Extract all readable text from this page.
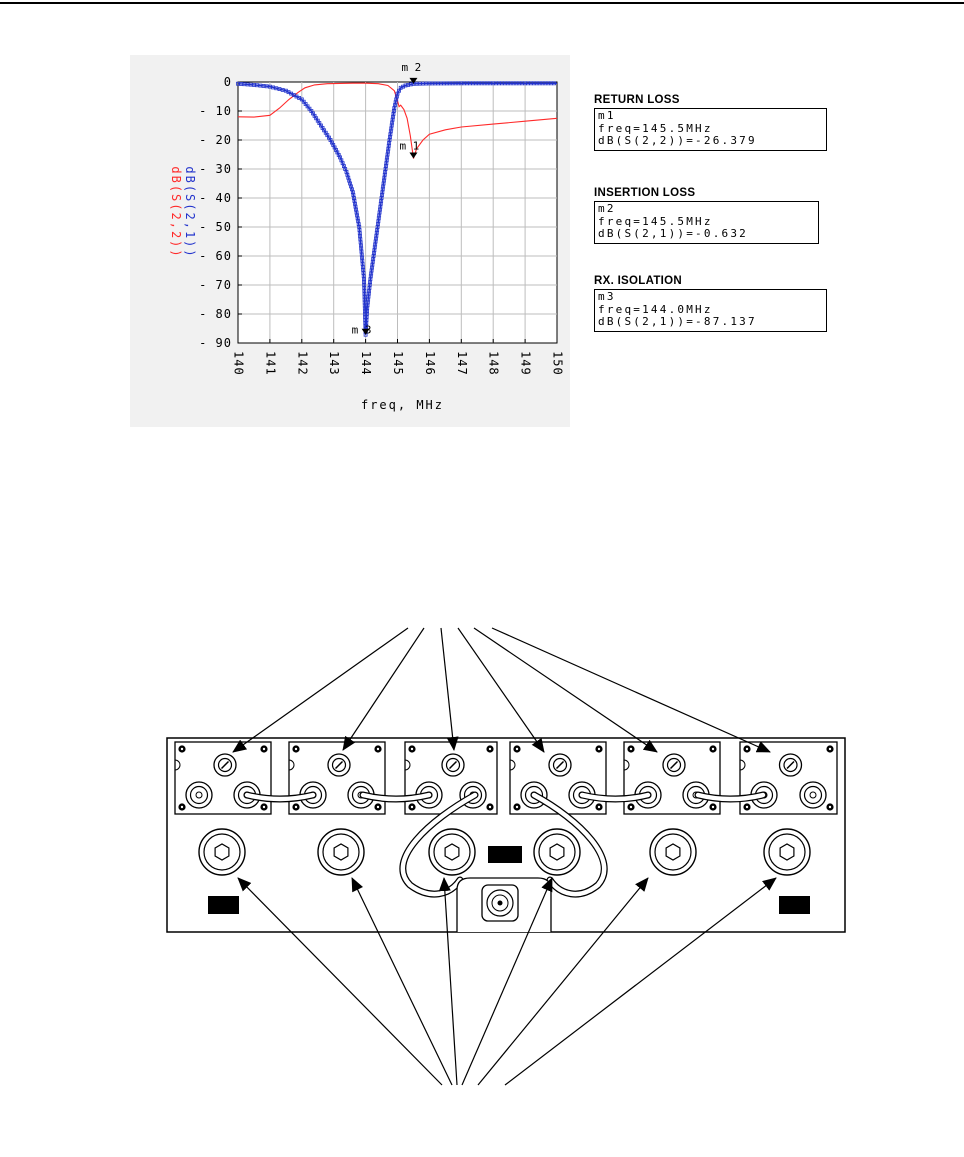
140 141 142 143 144 145 146 147 148 149 150
0
- 10
- 20
- 30
- 40
- 50
- 60
- 70
- 80
- 90
dB(S(2,2)) dB(S(2,1))
freq, MHz
m 1
m 2
m 3
RETURN LOSS
m1
freq=145.5MHz
dB(S(2,2))=-26.379
INSERTION LOSS
m2
freq=145.5MHz
dB(S(2,1))=-0.632
RX. ISOLATION
m3
freq=144.0MHz
dB(S(2,1))=-87.137
